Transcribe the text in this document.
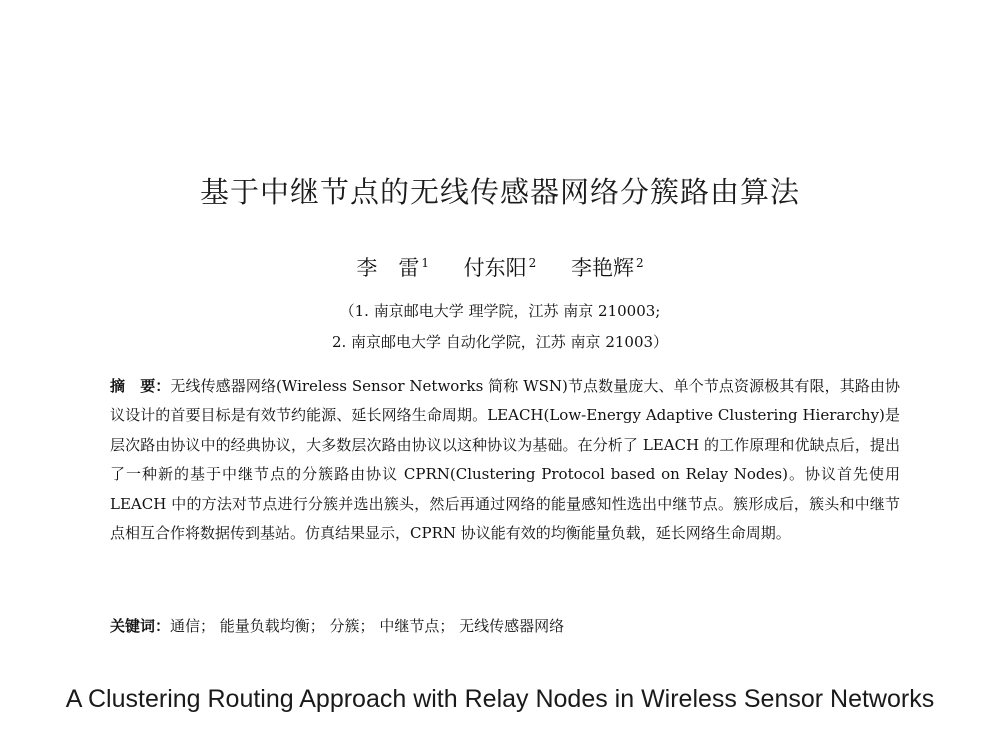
基于中继节点的无线传感器网络分簇路由算法
李　雷 $^1$ 付东阳 $^2$ 李艳辉 $^2$
（1. 南京邮电大学 理学院，江苏 南京 210003;
2. 南京邮电大学 自动化学院，江苏 南京 21003）
摘　要：无线传感器网络(Wireless Sensor Networks 简称 WSN)节点数量庞大、单个节点资源极其有限，其路由协议设计的首要目标是有效节约能源、延长网络生命周期。LEACH(Low-Energy Adaptive Clustering Hierarchy)是层次路由协议中的经典协议，大多数层次路由协议以这种协议为基础。在分析了 LEACH 的工作原理和优缺点后，提出了一种新的基于中继节点的分簇路由协议 CPRN(Clustering Protocol based on Relay Nodes)。协议首先使用 LEACH 中的方法对节点进行分簇并选出簇头，然后再通过网络的能量感知性选出中继节点。簇形成后，簇头和中继节点相互合作将数据传到基站。仿真结果显示，CPRN 协议能有效的均衡能量负载，延长网络生命周期。
关键词：通信； 能量负载均衡； 分簇； 中继节点； 无线传感器网络
A Clustering Routing Approach with Relay Nodes in Wireless Sensor Networks
